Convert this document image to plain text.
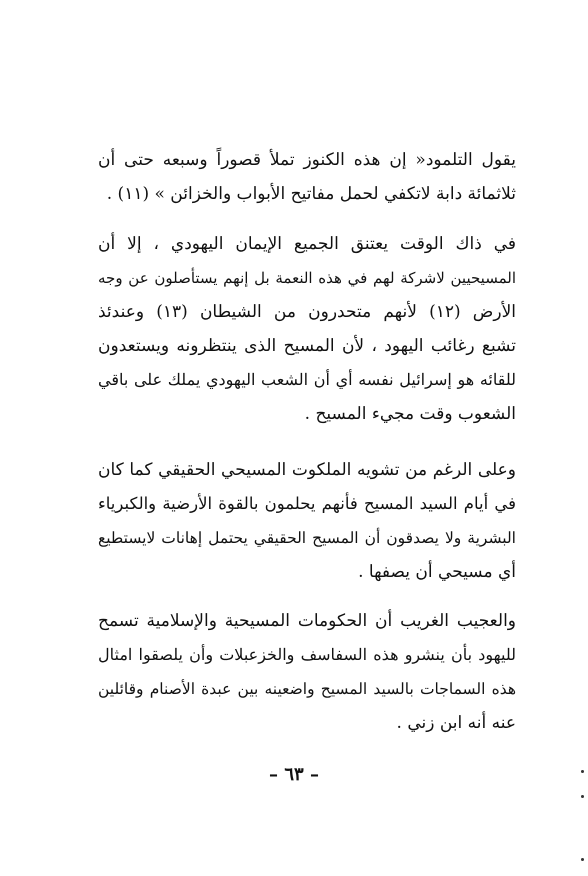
يقول التلمود« إن هذه الكنوز تملأ قصوراً وسبعه حتى أن
ثلاثمائة دابة لاتكفي لحمل مفاتيح الأبواب والخزائن » (١١) .
في ذاك الوقت يعتنق الجميع الإيمان اليهودي ، إلا أن
المسيحيين لاشركة لهم في هذه النعمة بل إنهم يستأصلون عن وجه
الأرض (١٢) لأنهم متحدرون من الشيطان (١٣) وعندئذ
تشبع رغائب اليهود ، لأن المسيح الذى ينتظرونه ويستعدون
للقائه هو إسرائيل نفسه أي أن الشعب اليهودي يملك على باقي
الشعوب وقت مجيء المسيح .
وعلى الرغم من تشويه الملكوت المسيحي الحقيقي كما كان
في أيام السيد المسيح فأنهم يحلمون بالقوة الأرضية والكبرياء
البشرية ولا يصدقون أن المسيح الحقيقي يحتمل إهانات لايستطيع
أي مسيحي أن يصفها .
والعجيب الغريب أن الحكومات المسيحية والإسلامية تسمح
لليهود بأن ينشرو هذه السفاسف والخزعبلات وأن يلصقوا امثال
هذه السماجات بالسيد المسيح واضعينه بين عبدة الأصنام وقائلين
عنه أنه ابن زني .
– ٦٣ –
